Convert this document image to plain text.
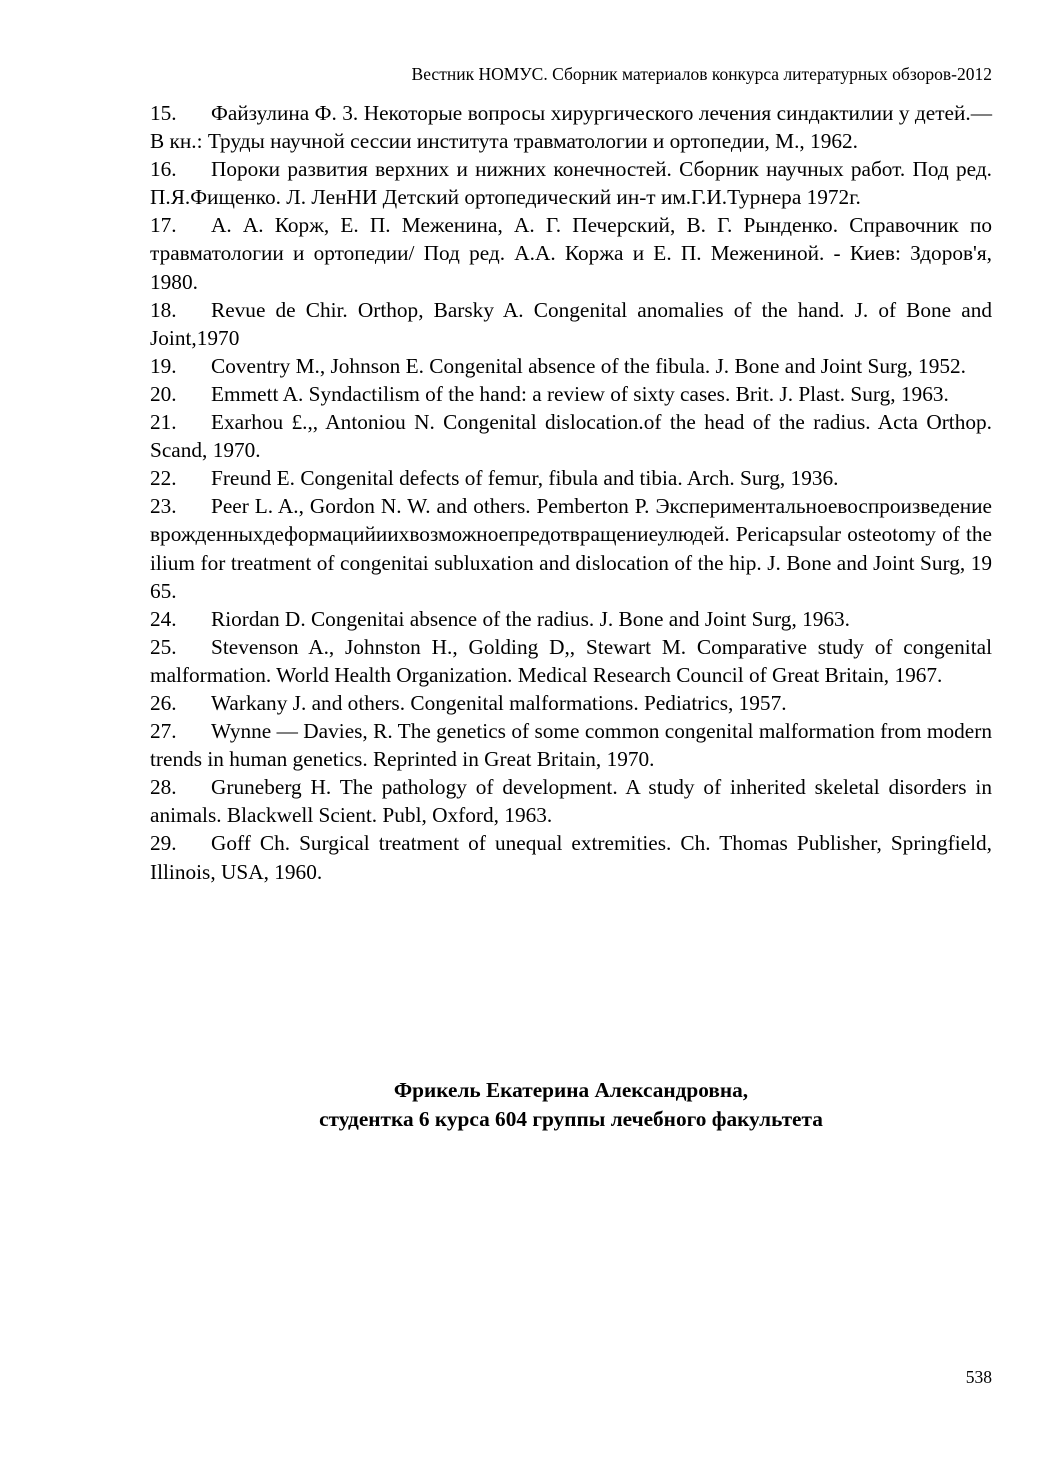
Вестник НОМУС. Сборник материалов конкурса литературных обзоров-2012

15. Файзулина Ф. 3. Некоторые вопросы хирургического лечения синдактилии у детей.— В кн.: Труды научной сессии института травматологии и ортопедии, М., 1962.

16. Пороки развития верхних и нижних конечностей. Сборник научных работ. Под ред. П.Я.Фищенко. Л. ЛенНИ Детский ортопедический ин-т им.Г.И.Турнера 1972г.

17. А. А. Корж, Е. П. Меженина, А. Г. Печерский, В. Г. Рынденко. Справочник по травматологии и ортопедии/ Под ред. А.А. Коржа и Е. П. Межениной. - Киев: Здоров'я, 1980.

18. Revue de Chir. Orthop, Barsky A. Congenital anomalies of the hand. J. of Bone and Joint,1970

19. Coventry M., Johnson E. Congenital absence of the fibula. J. Bone and Joint Surg, 1952.

20. Emmett A. Syndactilism of the hand: a review of sixty cases. Brit. J. Plast. Surg, 1963.

21. Exarhou £.,, Antoniou N. Congenital dislocation.of the head of the radius. Acta Orthop. Scand, 1970.

22. Freund E. Congenital defects of femur, fibula and tibia. Arch. Surg, 1936.

23. Peer L. A., Gordon N. W. and others. Pemberton P. Экспериментальноевоспроизведениеврожденныхдеформацийиихвозможноепредотвращениеулюдей. Pericapsular osteotomy of the ilium for treatment of congenitai subluxation and dislocation of the hip. J. Bone and Joint Surg, 1965.

24. Riordan D. Congenitai absence of the radius. J. Bone and Joint Surg, 1963.

25. Stevenson A., Johnston H., Golding D,, Stewart M. Comparative study of congenital malformation. World Health Organization. Medical Research Council of Great Britain, 1967.

26. Warkany J. and others. Congenital malformations. Pediatrics, 1957.

27. Wynne — Davies, R. The genetics of some common congenital malformation from modern trends in human genetics. Reprinted in Great Britain, 1970.

28. Gruneberg H. The pathology of development. A study of inherited skeletal disorders in animals. Blackwell Scient. Publ, Oxford, 1963.

29. Goff Ch. Surgical treatment of unequal extremities. Ch. Thomas Publisher, Springfield, Illinois, USA, 1960.

Фрикель Екатерина Александровна,
студентка 6 курса 604 группы лечебного факультета
538
